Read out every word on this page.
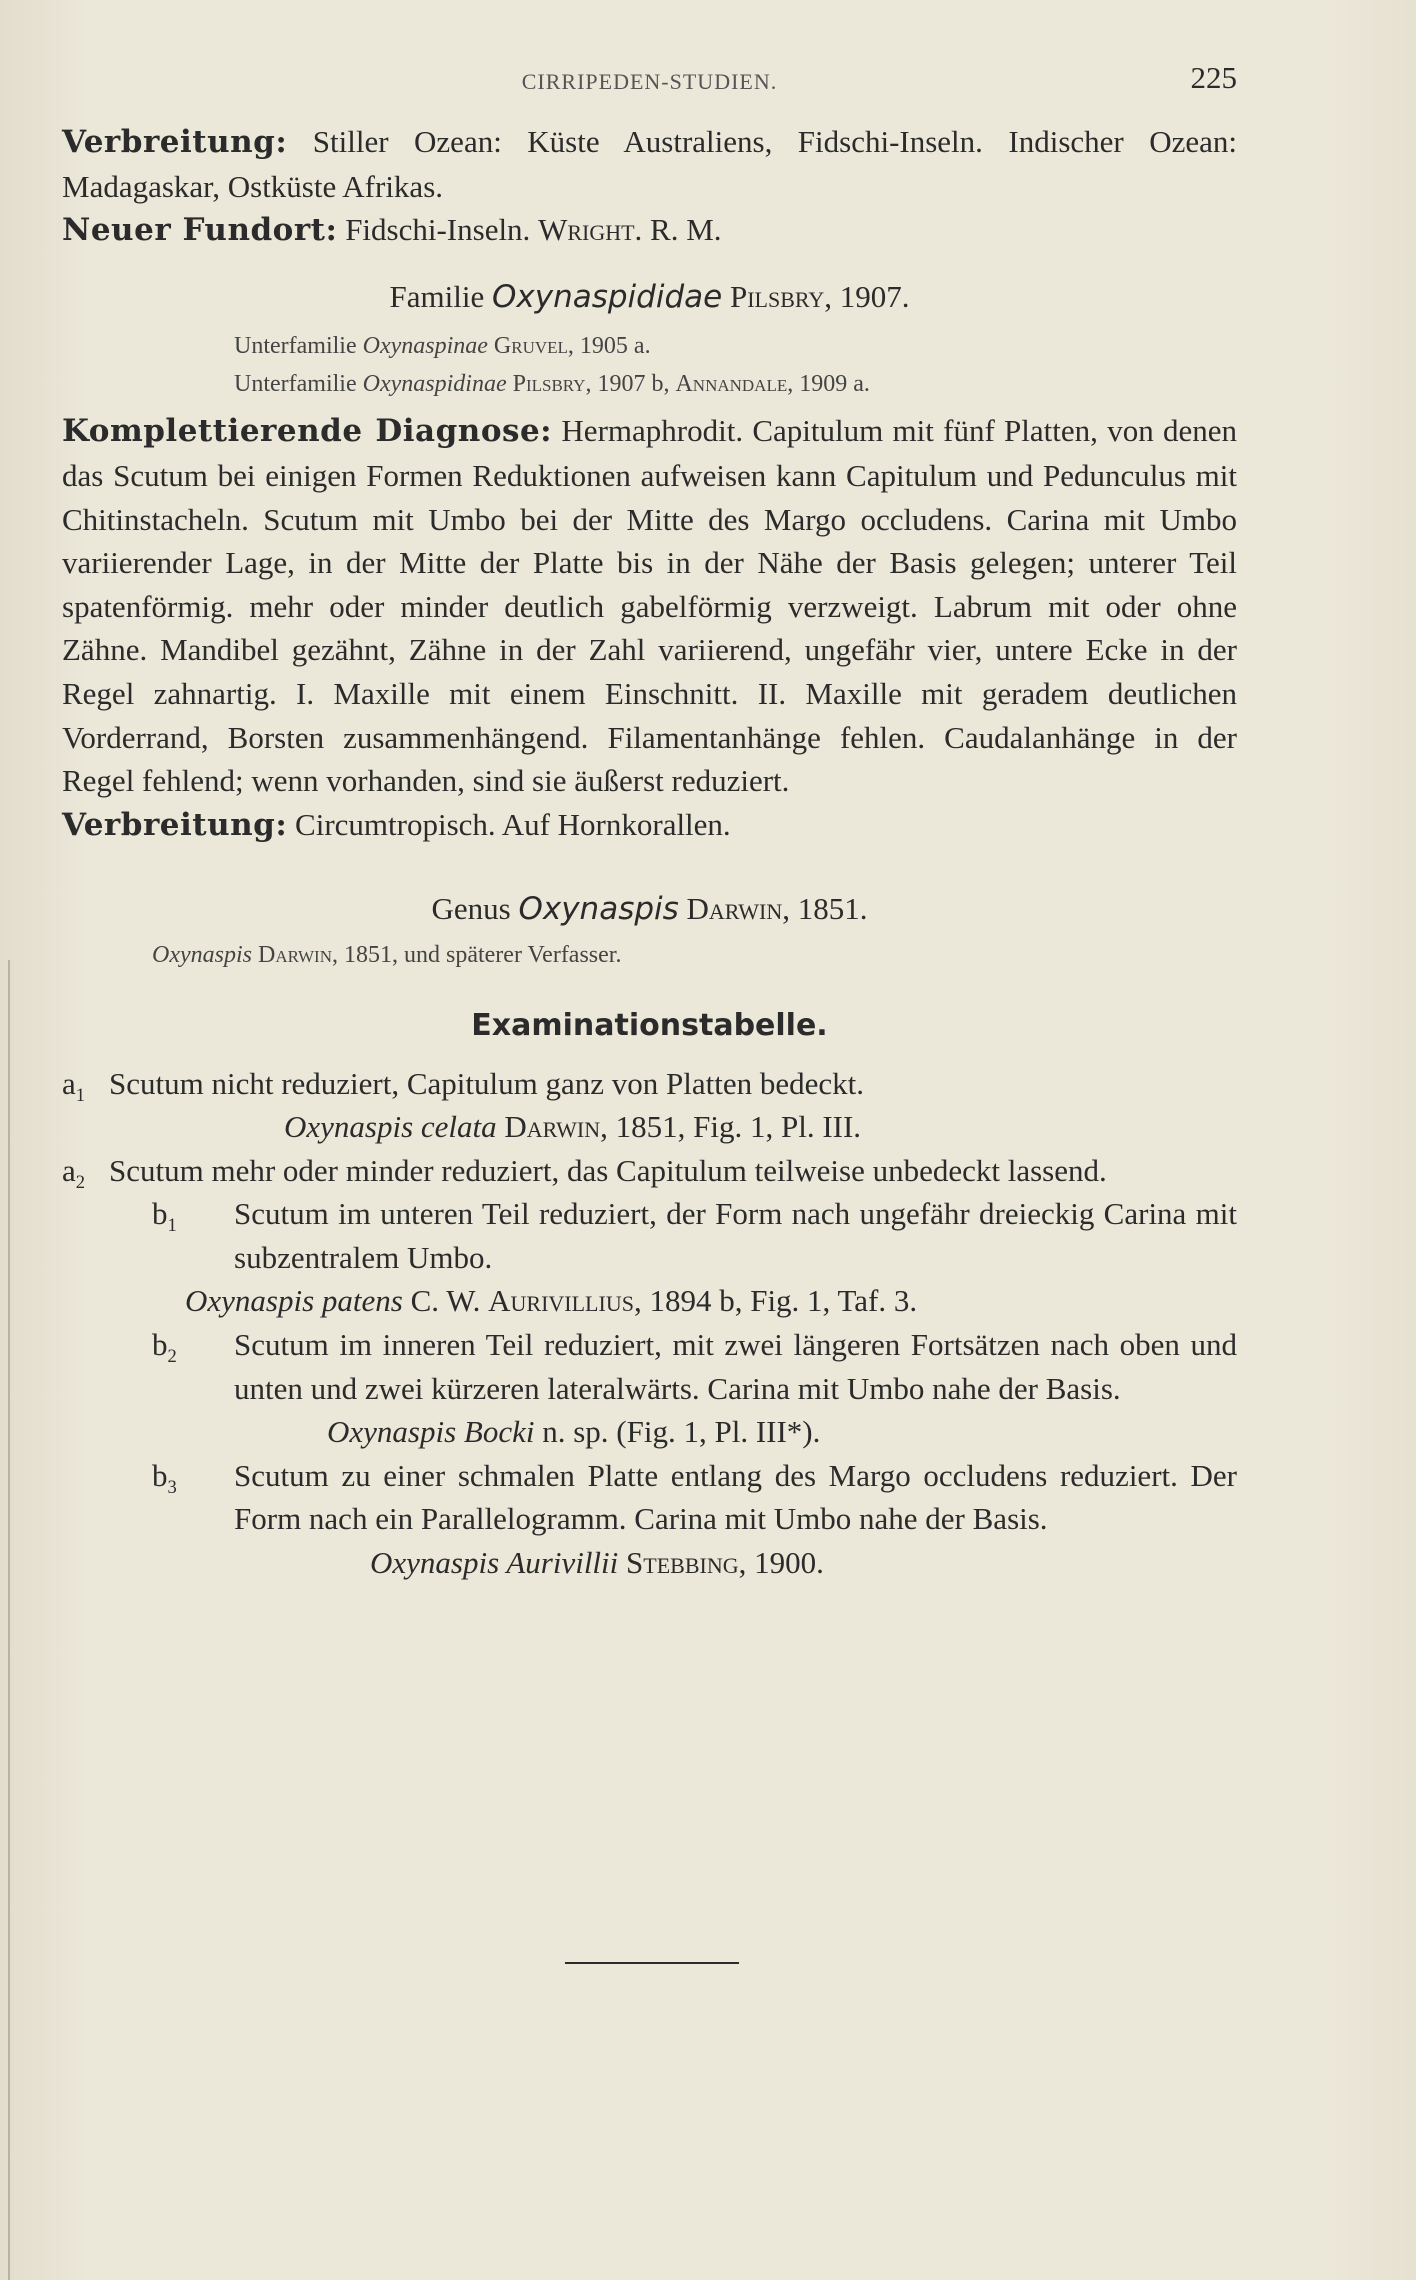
CIRRIPEDEN-STUDIEN.	225

Verbreitung: Stiller Ozean: Küste Australiens, Fidschi-Inseln. Indischer Ozean: Madagaskar, Ostküste Afrikas.

Neuer Fundort: Fidschi-Inseln. Wright. R. M.

Familie Oxynaspididae Pilsbry, 1907.

Unterfamilie Oxynaspinae Gruvel, 1905 a.

Unterfamilie Oxynaspidinae Pilsbry, 1907 b, Annandale, 1909 a.

Komplettierende Diagnose: Hermaphrodit. Capitulum mit fünf Platten, von denen das Scutum bei einigen Formen Reduktionen aufweisen kann Capitulum und Pedunculus mit Chitinstacheln. Scutum mit Umbo bei der Mitte des Margo occludens. Carina mit Umbo variierender Lage, in der Mitte der Platte bis in der Nähe der Basis gelegen; unterer Teil spatenförmig. mehr oder minder deutlich gabelförmig verzweigt. Labrum mit oder ohne Zähne. Mandibel gezähnt, Zähne in der Zahl variierend, ungefähr vier, untere Ecke in der Regel zahnartig. I. Maxille mit einem Einschnitt. II. Maxille mit geradem deutlichen Vorderrand, Borsten zusammenhängend. Filamentanhänge fehlen. Caudalanhänge in der Regel fehlend; wenn vorhanden, sind sie äußerst reduziert.

Verbreitung: Circumtropisch. Auf Hornkorallen.

Genus Oxynaspis Darwin, 1851.

Oxynaspis Darwin, 1851, und späterer Verfasser.

Examinationstabelle.
$a_1$ Scutum nicht reduziert, Capitulum ganz von Platten bedeckt.

Oxynaspis celata Darwin, 1851, Fig. 1, Pl. III.

$a_2$ Scutum mehr oder minder reduziert, das Capitulum teilweise unbedeckt lassend.

$b_1$ Scutum im unteren Teil reduziert, der Form nach ungefähr dreieckig Carina mit subzentralem Umbo.

Oxynaspis patens C. W. Aurivillius, 1894 b, Fig. 1, Taf. 3.

$b_2$ Scutum im inneren Teil reduziert, mit zwei längeren Fortsätzen nach oben und unten und zwei kürzeren lateralwärts. Carina mit Umbo nahe der Basis.

Oxynaspis Bocki n. sp. (Fig. 1, Pl. III*).

$b_3$ Scutum zu einer schmalen Platte entlang des Margo occludens reduziert. Der Form nach ein Parallelogramm. Carina mit Umbo nahe der Basis.

Oxynaspis Aurivillii Stebbing, 1900.
